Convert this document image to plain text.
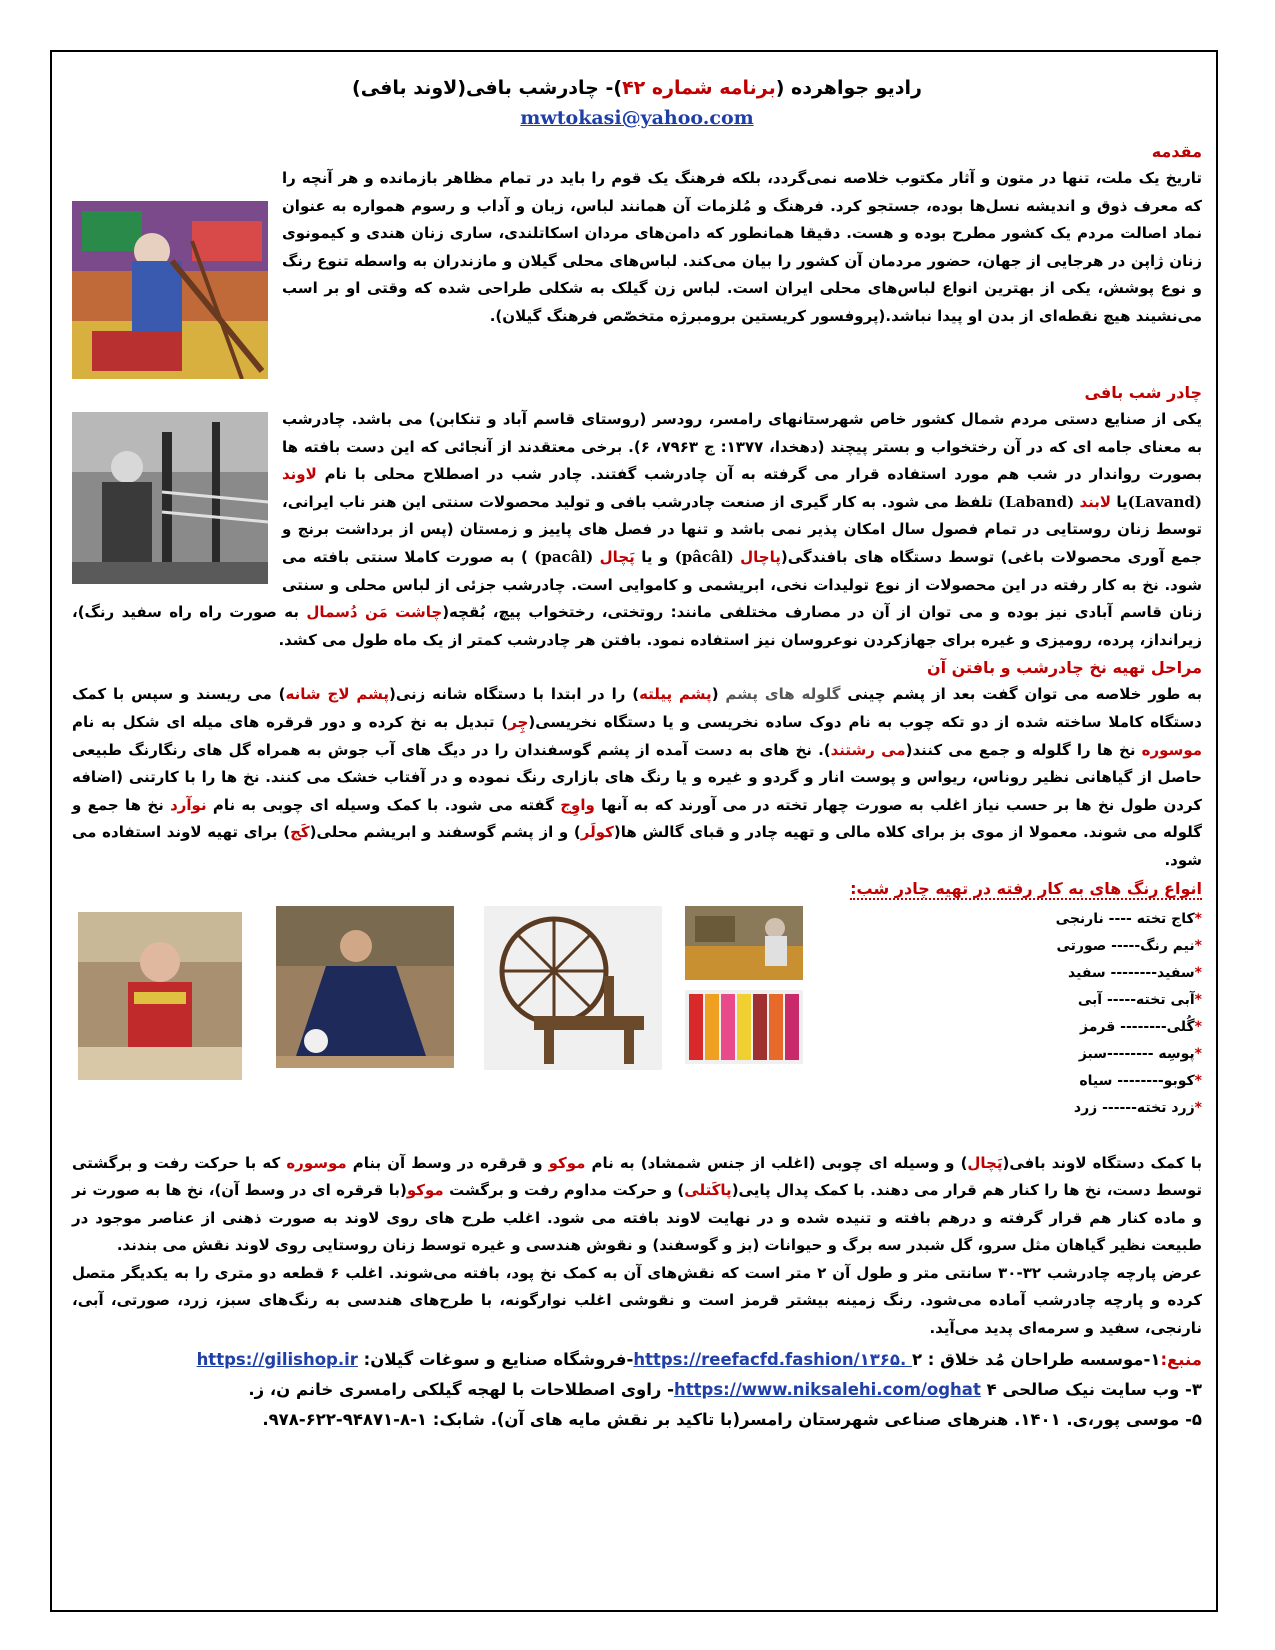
رادیو جواهرده (برنامه شماره ۴۲)- چادرشب بافی(لاوند بافی)

mwtokasi@yahoo.com

مقدمه

تاریخ یک ملت، تنها در متون و آثار مکتوب خلاصه نمی‌گردد، بلکه فرهنگ یک قوم را باید در تمام مظاهر بازمانده و هر آنچه را که معرف ذوق و اندیشه نسل‌ها بوده، جستجو کرد. فرهنگ و مُلزمات آن همانند لباس، زبان و آداب و رسوم همواره به عنوان نماد اصالت مردم یک کشور مطرح بوده و هست. دقیقا همانطور که دامن‌های مردان اسکاتلندی، ساری زنان هندی و کیمونوی زنان ژاپن در هرجایی از جهان، حضور مردمان آن کشور را بیان می‌کند. لباس‌های محلی گیلان و مازندران به واسطه تنوع رنگ و نوع پوشش، یکی از بهترین انواع لباس‌های محلی ایران است. لباس زن گیلک به شکلی طراحی شده که وقتی او بر اسب می‌نشیند هیچ نقطه‌ای از بدن او پیدا نباشد.(پروفسور کریستین برومبرژه متخصّص فرهنگ گیلان).

چادر شب بافی

یکی از صنایع دستی مردم شمال کشور خاص شهرستانهای رامسر، رودسر (روستای قاسم آباد و تنکابن) می باشد. چادرشب به معنای جامه ای که در آن رختخواب و بستر پیچند (دهخدا، ۱۳۷۷: ج ۷۹۶۳، ۶). برخی معتقدند از آنجائی که این دست بافته ها بصورت رواندار در شب هم مورد استفاده قرار می گرفته به آن چادرشب گفتند. چادر شب در اصطلاح محلی با نام لاوند (Lavand)یا لابند (Laband) تلفظ می شود. به کار گیری از صنعت چادرشب بافی و تولید محصولات سنتی این هنر ناب ایرانی، توسط زنان روستایی در تمام فصول سال امکان پذیر نمی باشد و تنها در فصل های پاییز و زمستان (پس از برداشت برنج و جمع آوری محصولات باغی) توسط دستگاه های بافندگی(پاچال (pâcâl) و یا پَچال (pacâl) ) به صورت کاملا سنتی بافته می شود. نخ به کار رفته در این محصولات از نوع تولیدات نخی، ابریشمی و کاموایی است. چادرشب جزئی از لباس محلی و سنتی زنان قاسم آبادی نیز بوده و می توان از آن در مصارف مختلفی مانند: روتختی، رختخواب پیچ، بُقچه(چاشت مَن دُسمال به صورت راه راه سفید رنگ)، زیرانداز، پرده، رومیزی و غیره برای جهازکردن نوعروسان نیز استفاده نمود. بافتن هر چادرشب کمتر از یک ماه طول می کشد.

مراحل تهیه نخ چادرشب و بافتن آن

به طور خلاصه می توان گفت بعد از پشم چینی گلوله های پشم (پشم پیلته) را در ابتدا با دستگاه شانه زنی(پشم لاج شانه) می ریسند و سپس با کمک دستگاه کاملا ساخته شده از دو تکه چوب به نام دوک ساده نخریسی و یا دستگاه نخریسی(چِر) تبدیل به نخ کرده و دور قرقره های میله ای شکل به نام موسوره نخ ها را گلوله و جمع می کنند(می رشتند). نخ های به دست آمده از پشم گوسفندان را در دیگ های آب جوش به همراه گل های رنگارنگ طبیعی حاصل از گیاهانی نظیر روناس، ریواس و پوست انار و گردو و غیره و یا رنگ های بازاری رنگ نموده و در آفتاب خشک می کنند. نخ ها را با کارتنی (اضافه کردن طول نخ ها بر حسب نیاز اغلب به صورت چهار تخته در می آورند که به آنها واوِج گفته می شود. با کمک وسیله ای چوبی به نام نوآرد نخ ها جمع و گلوله می شوند. معمولا از موی بز برای کلاه مالی و تهیه چادر و قبای گالش ها(کولَر) و از پشم گوسفند و ابریشم محلی(کَج) برای تهیه لاوند استفاده می شود.

انواع رنگ های به کار رفته در تهیه چادر شب:

*کاج تخته ---- نارنجی
*نیم رنگ----- صورتی
*سفید-------- سفید
*آبی تخته----- آبی
*گُلی-------- قرمز
*پوسِه --------سبز
*کوبو-------- سیاه
*زرد تخته------ زرد

با کمک دستگاه لاوند بافی(پَچال) و وسیله ای چوبی (اغلب از جنس شمشاد) به نام موکو و قرقره در وسط آن بنام موسوره که با حرکت رفت و برگشتی توسط دست، نخ ها را کنار هم قرار می دهند. با کمک پدال پایی(پاکَتلی) و حرکت مداوم رفت و برگشت موکو(با قرقره ای در وسط آن)، نخ ها به صورت نر و ماده کنار هم قرار گرفته و درهم بافته و تنیده شده و در نهایت لاوند بافته می شود. اغلب طرح های روی لاوند به صورت ذهنی از عناصر موجود در طبیعت نظیر گیاهان مثل سرو، گل شبدر سه برگ و حیوانات (بز و گوسفند) و نقوش هندسی و غیره توسط زنان روستایی روی لاوند نقش می بندند.

عرض پارچه چادرشب ۳۲-۳۰ سانتی متر و طول آن ۲ متر است که نقش‌های آن به کمک نخ پود، بافته می‌شوند. اغلب ۶ قطعه دو متری را به یکدیگر متصل کرده و پارچه چادرشب آماده می‌شود. رنگ زمینه بیشتر قرمز است و نقوشی اغلب نوارگونه، با طرح‌های هندسی به رنگ‌های سبز، زرد، صورتی، آبی، نارنجی، سفید و سرمه‌ای پدید می‌آید.

منبع:۱-موسسه طراحان مُد خلاق : https://reefacfd.fashion/۱۳۶۵. ۲-فروشگاه صنایع و سوغات گیلان: https://gilishop.ir
۳- وب سایت نیک صالحی https://www.niksalehi.com/oghat ۴- راوی اصطلاحات با لهجه گیلکی رامسری خانم ن، ز.
۵- موسی پور،ی. ۱۴۰۱. هنرهای صناعی شهرستان رامسر(با تاکید بر نقش مایه های آن). شابک: ۱-۸-۹۴۸۷۱-۶۲۲-۹۷۸.
